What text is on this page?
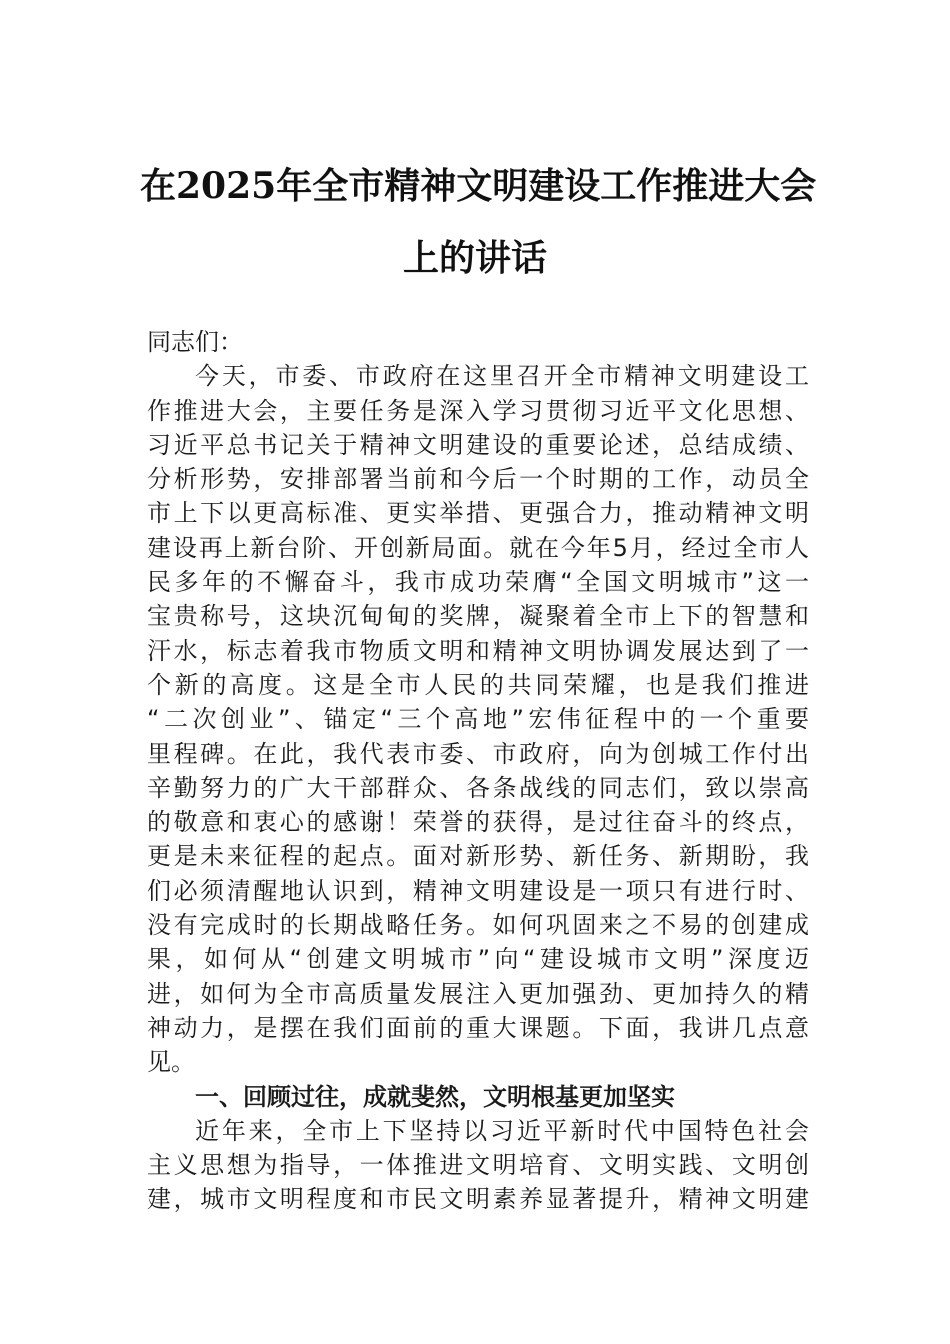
在2025年全市精神文明建设工作推进大会
上的讲话
同志们：
今天，市委、市政府在这里召开全市精神文明建设工
作推进大会，主要任务是深入学习贯彻习近平文化思想、
习近平总书记关于精神文明建设的重要论述，总结成绩、
分析形势，安排部署当前和今后一个时期的工作，动员全
市上下以更高标准、更实举措、更强合力，推动精神文明
建设再上新台阶、开创新局面。就在今年5月，经过全市人
民多年的不懈奋斗，我市成功荣膺“全国文明城市”这一
宝贵称号，这块沉甸甸的奖牌，凝聚着全市上下的智慧和
汗水，标志着我市物质文明和精神文明协调发展达到了一
个新的高度。这是全市人民的共同荣耀，也是我们推进
“二次创业”、锚定“三个高地”宏伟征程中的一个重要
里程碑。在此，我代表市委、市政府，向为创城工作付出
辛勤努力的广大干部群众、各条战线的同志们，致以崇高
的敬意和衷心的感谢！荣誉的获得，是过往奋斗的终点，
更是未来征程的起点。面对新形势、新任务、新期盼，我
们必须清醒地认识到，精神文明建设是一项只有进行时、
没有完成时的长期战略任务。如何巩固来之不易的创建成
果，如何从“创建文明城市”向“建设城市文明”深度迈
进，如何为全市高质量发展注入更加强劲、更加持久的精
神动力，是摆在我们面前的重大课题。下面，我讲几点意
见。
一、回顾过往，成就斐然，文明根基更加坚实
近年来，全市上下坚持以习近平新时代中国特色社会
主义思想为指导，一体推进文明培育、文明实践、文明创
建，城市文明程度和市民文明素养显著提升，精神文明建
